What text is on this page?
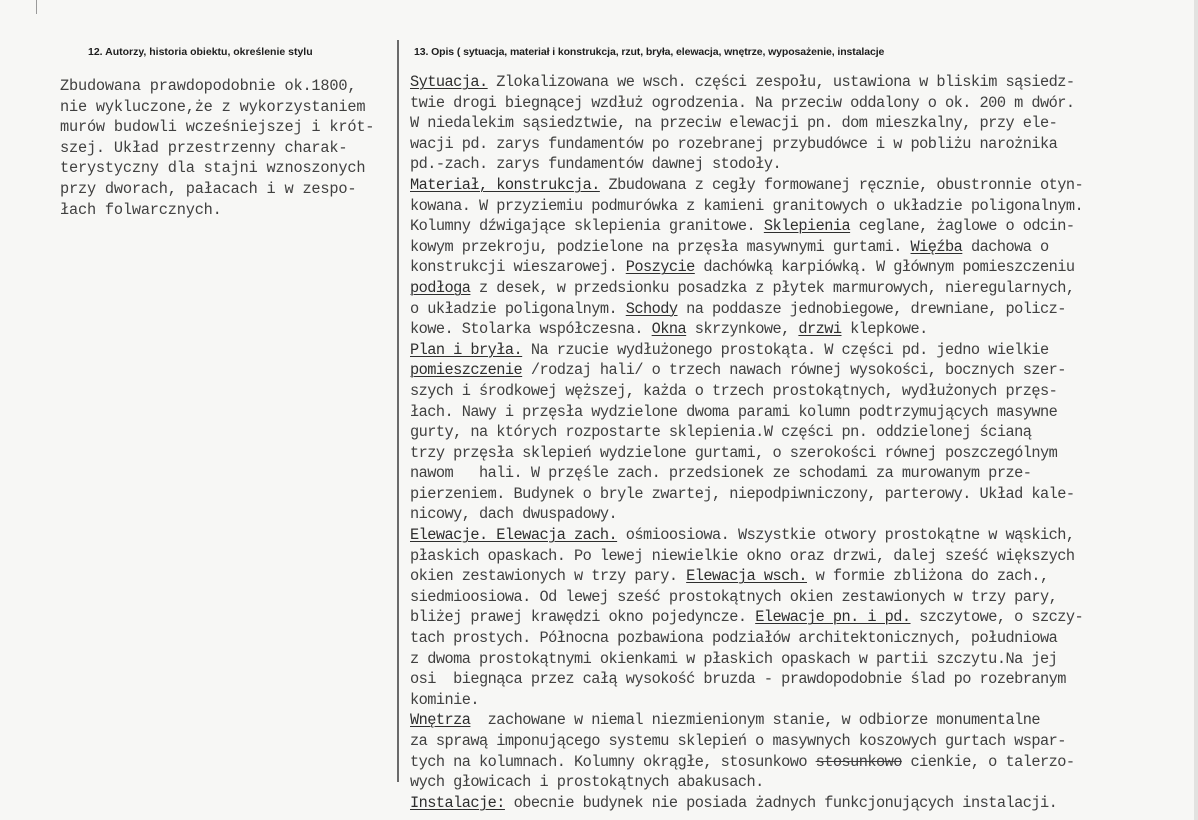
12. Autorzy, historia obiektu, określenie stylu	13. Opis ( sytuacja, materiał i konstrukcja, rzut, bryła, elewacja, wnętrze, wyposażenie, instalacje
Zbudowana prawdopodobnie ok.1800,
nie wykluczone,że z wykorzystaniem
murów budowli wcześniejszej i krót-
szej. Układ przestrzenny charak-
terystyczny dla stajni wznoszonych
przy dworach, pałacach i w zespo-
łach folwarcznych.
Sytuacja. Zlokalizowana we wsch. części zespołu, ustawiona w bliskim sąsiedz-
twie drogi biegnącej wzdłuż ogrodzenia. Na przeciw oddalony o ok. 200 m dwór.
W niedalekim sąsiedztwie, na przeciw elewacji pn. dom mieszkalny, przy ele-
wacji pd. zarys fundamentów po rozebranej przybudówce i w pobliżu narożnika
pd.-zach. zarys fundamentów dawnej stodoły.
Materiał, konstrukcja. Zbudowana z cegły formowanej ręcznie, obustronnie otyn-
kowana. W przyziemiu podmurówka z kamieni granitowych o układzie poligonalnym.
Kolumny dźwigające sklepienia granitowe. Sklepienia ceglane, żaglowe o odcin-
kowym przekroju, podzielone na przęsła masywnymi gurtami. Więźba dachowa o
konstrukcji wieszarowej. Poszycie dachówką karpiówką. W głównym pomieszczeniu
podłoga z desek, w przedsionku posadzka z płytek marmurowych, nieregularnych,
o układzie poligonalnym. Schody na poddasze jednobiegowe, drewniane, policz-
kowe. Stolarka współczesna. Okna skrzynkowe, drzwi klepkowe.
Plan i bryła. Na rzucie wydłużonego prostokąta. W części pd. jedno wielkie
pomieszczenie /rodzaj hali/ o trzech nawach równej wysokości, bocznych szer-
szych i środkowej węższej, każda o trzech prostokątnych, wydłużonych przęs-
łach. Nawy i przęsła wydzielone dwoma parami kolumn podtrzymujących masywne
gurty, na których rozpostarte sklepienia.W części pn. oddzielonej ścianą
trzy przęsła sklepień wydzielone gurtami, o szerokości równej poszczególnym
nawom   hali. W przęśle zach. przedsionek ze schodami za murowanym prze-
pierzeniem. Budynek o bryle zwartej, niepodpiwniczony, parterowy. Układ kale-
nicowy, dach dwuspadowy.
Elewacje. Elewacja zach. ośmioosiowa. Wszystkie otwory prostokątne w wąskich,
płaskich opaskach. Po lewej niewielkie okno oraz drzwi, dalej sześć większych
okien zestawionych w trzy pary. Elewacja wsch. w formie zbliżona do zach.,
siedmioosiowa. Od lewej sześć prostokątnych okien zestawionych w trzy pary,
bliżej prawej krawędzi okno pojedyncze. Elewacje pn. i pd. szczytowe, o szczy-
tach prostych. Północna pozbawiona podziałów architektonicznych, południowa
z dwoma prostokątnymi okienkami w płaskich opaskach w partii szczytu.Na jej
osi  biegnąca przez całą wysokość bruzda - prawdopodobnie ślad po rozebranym
kominie.
Wnętrza  zachowane w niemal niezmienionym stanie, w odbiorze monumentalne
za sprawą imponującego systemu sklepień o masywnych koszowych gurtach wspar-
tych na kolumnach. Kolumny okrągłe, stosunkowo stosunkowo cienkie, o talerzo-
wych głowicach i prostokątnych abakusach.
Instalacje: obecnie budynek nie posiada żadnych funkcjonujących instalacji.
